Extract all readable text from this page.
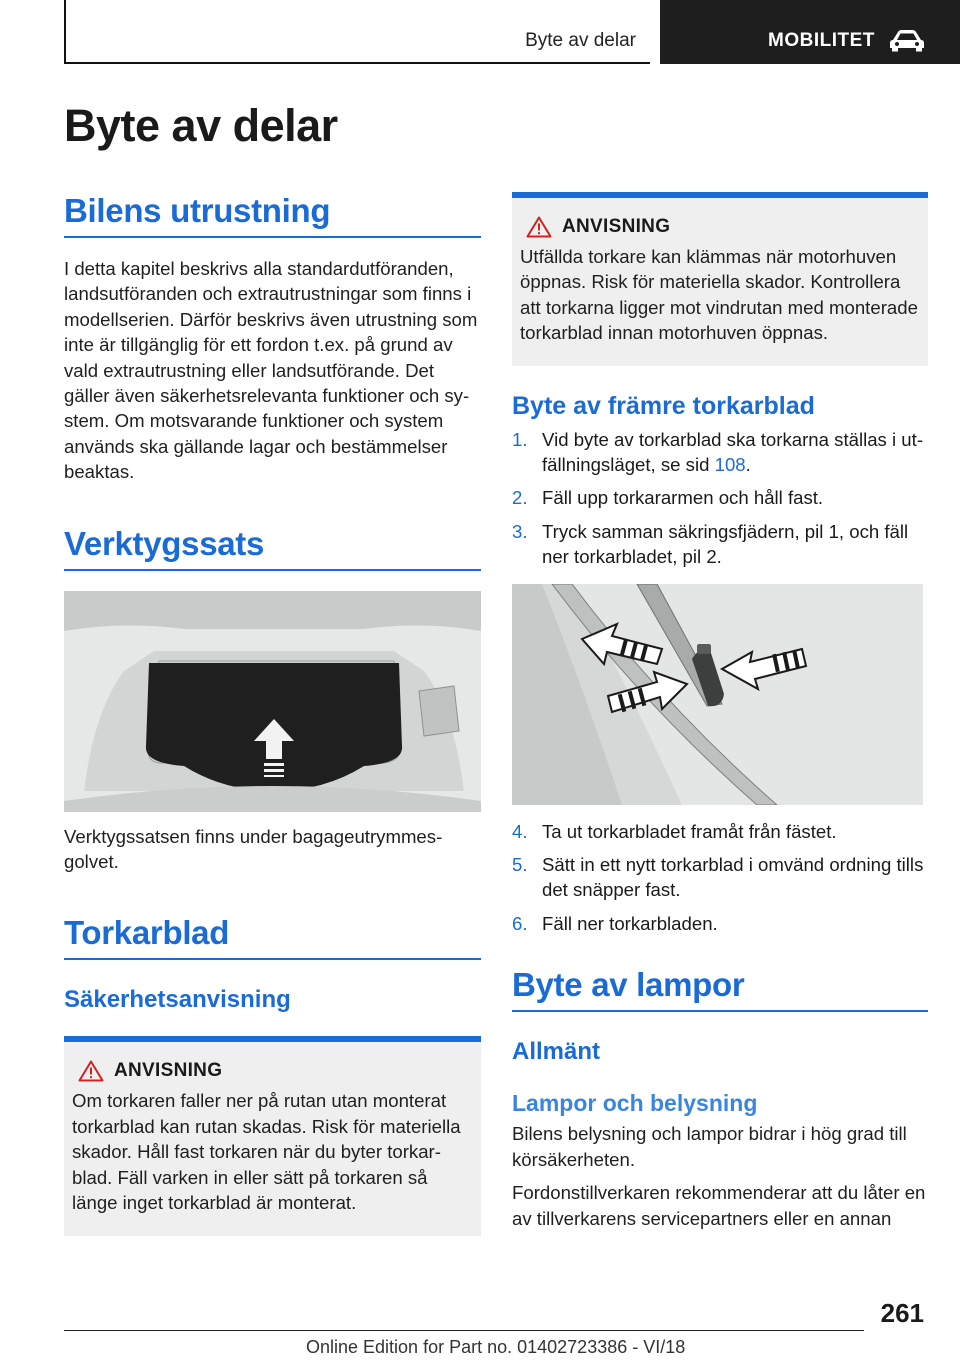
Byte av delar	MOBILITET
Byte av delar
Bilens utrustning

I detta kapitel beskrivs alla standardutföranden, landsutföranden och extrautrustningar som finns i modellserien. Därför beskrivs även utrustning som inte är tillgänglig för ett fordon t.ex. på grund av vald extrautrustning eller landsutförande. Det gäller även säkerhetsrelevanta funktioner och system. Om motsvarande funktioner och system används ska gällande lagar och bestämmelser beaktas.

Verktygssats

Verktygssatsen finns under bagageutrymmesgolvet.

Torkarblad
Säkerhetsanvisning
ANVISNING

Om torkaren faller ner på rutan utan monterat torkarblad kan rutan skadas. Risk för materiella skador. Håll fast torkaren när du byter torkarblad. Fäll varken in eller sätt på torkaren så länge inget torkarblad är monterat.

ANVISNING

Utfällda torkare kan klämmas när motorhuven öppnas. Risk för materiella skador. Kontrollera att torkarna ligger mot vindrutan med monterade torkarblad innan motorhuven öppnas.

Byte av främre torkarblad
1. Vid byte av torkarblad ska torkarna ställas i utfällningsläget, se sid 108.
2. Fäll upp torkararmen och håll fast.
3. Tryck samman säkringsfjädern, pil 1, och fäll ner torkarbladet, pil 2.
4. Ta ut torkarbladet framåt från fästet.
5. Sätt in ett nytt torkarblad i omvänd ordning tills det snäpper fast.
6. Fäll ner torkarbladen.
Byte av lampor
Allmänt
Lampor och belysning

Bilens belysning och lampor bidrar i hög grad till körsäkerheten.

Fordonstillverkaren rekommenderar att du låter en av tillverkarens servicepartners eller en annan

261
Online Edition for Part no. 01402723386 - VI/18
